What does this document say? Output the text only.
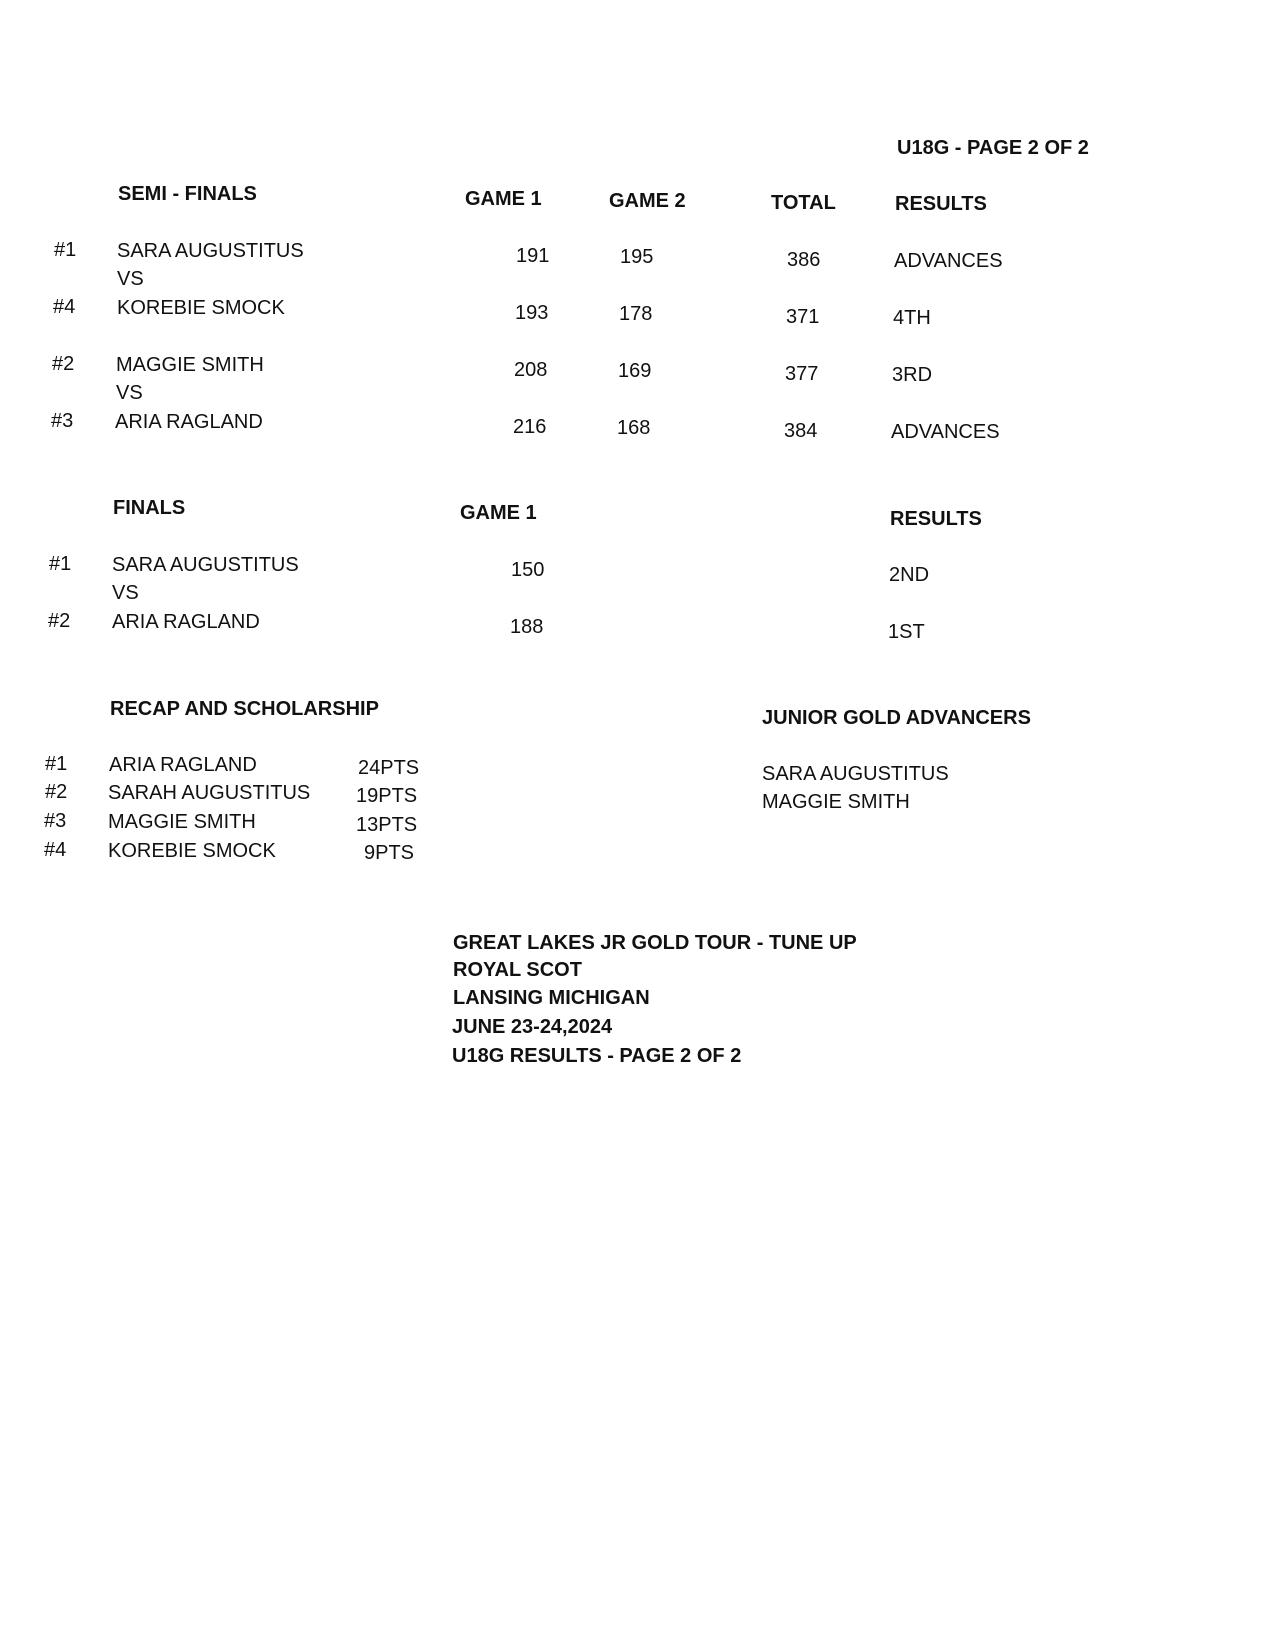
U18G - PAGE 2 OF 2
SEMI - FINALS	GAME 1	GAME 2	TOTAL	RESULTS
#1 SARA AUGUSTITUS	191	195	386	ADVANCES
VS
#4 KOREBIE SMOCK	193	178	371	4TH
#2 MAGGIE SMITH	208	169	377	3RD
VS
#3 ARIA RAGLAND	216	168	384	ADVANCES
FINALS	GAME 1	RESULTS
#1 SARA AUGUSTITUS	150	2ND
VS
#2 ARIA RAGLAND	188	1ST
RECAP AND SCHOLARSHIP	JUNIOR GOLD ADVANCERS
#1 ARIA RAGLAND	24PTS
#2 SARAH AUGUSTITUS 19PTS
#3 MAGGIE SMITH	13PTS
#4 KOREBIE SMOCK	9PTS
SARA AUGUSTITUS
MAGGIE SMITH
GREAT LAKES JR GOLD TOUR - TUNE UP
ROYAL SCOT
LANSING MICHIGAN
JUNE 23-24,2024
U18G RESULTS - PAGE 2 OF 2
